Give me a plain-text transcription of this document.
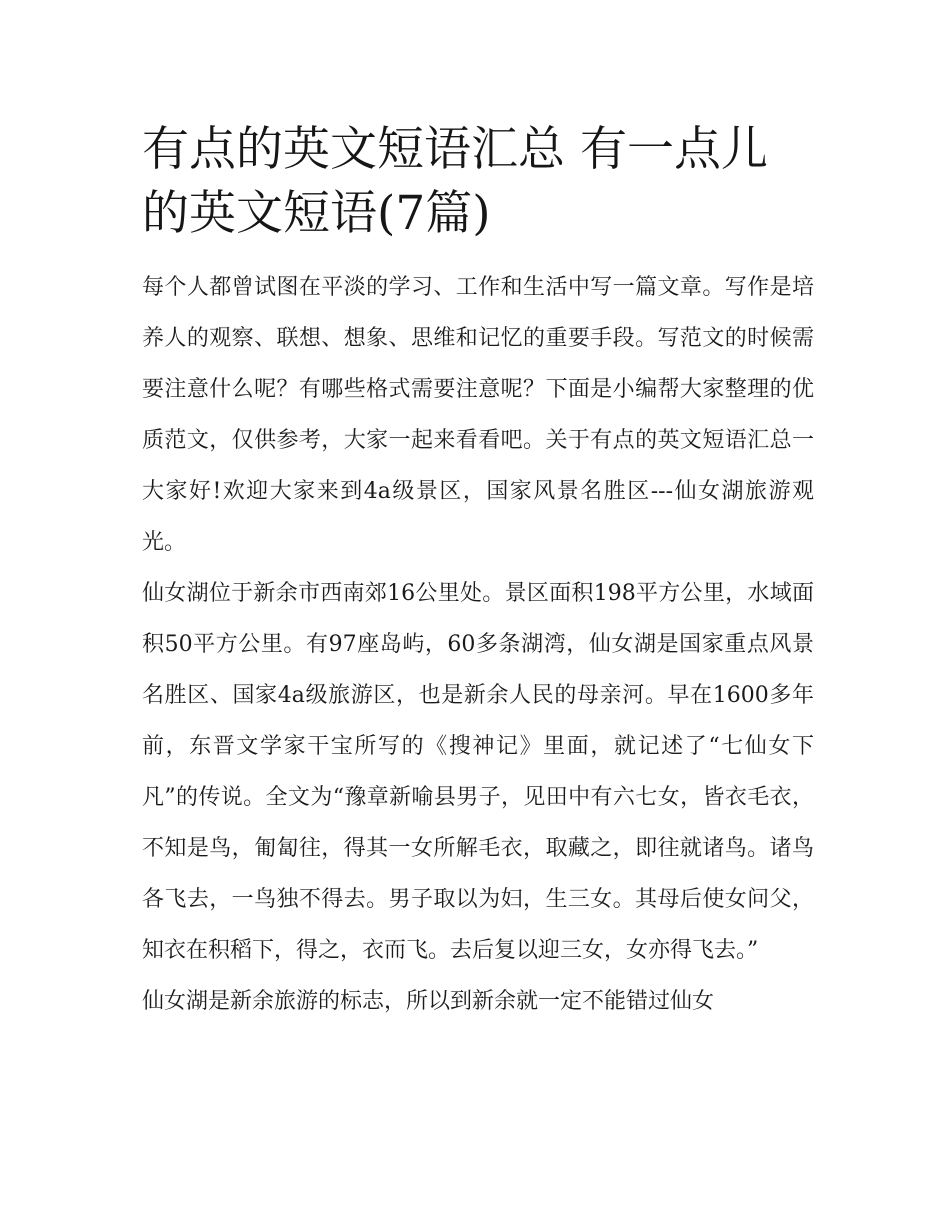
有点的英文短语汇总 有一点儿的英文短语(7篇)

每个人都曾试图在平淡的学习、工作和生活中写一篇文章。写作是培养人的观察、联想、想象、思维和记忆的重要手段。写范文的时候需要注意什么呢？有哪些格式需要注意呢？下面是小编帮大家整理的优质范文，仅供参考，大家一起来看看吧。关于有点的英文短语汇总一 大家好!欢迎大家来到4a级景区，国家风景名胜区---仙女湖旅游观光。

仙女湖位于新余市西南郊16公里处。景区面积198平方公里，水域面积50平方公里。有97座岛屿，60多条湖湾，仙女湖是国家重点风景名胜区、国家4a级旅游区，也是新余人民的母亲河。早在1600多年前，东晋文学家干宝所写的《搜神记》里面，就记述了“七仙女下凡”的传说。全文为“豫章新喻县男子，见田中有六七女，皆衣毛衣，不知是鸟，匍匐往，得其一女所解毛衣，取藏之，即往就诸鸟。诸鸟各飞去，一鸟独不得去。男子取以为妇，生三女。其母后使女问父，知衣在积稻下，得之，衣而飞。去后复以迎三女，女亦得飞去。”

仙女湖是新余旅游的标志，所以到新余就一定不能错过仙女
